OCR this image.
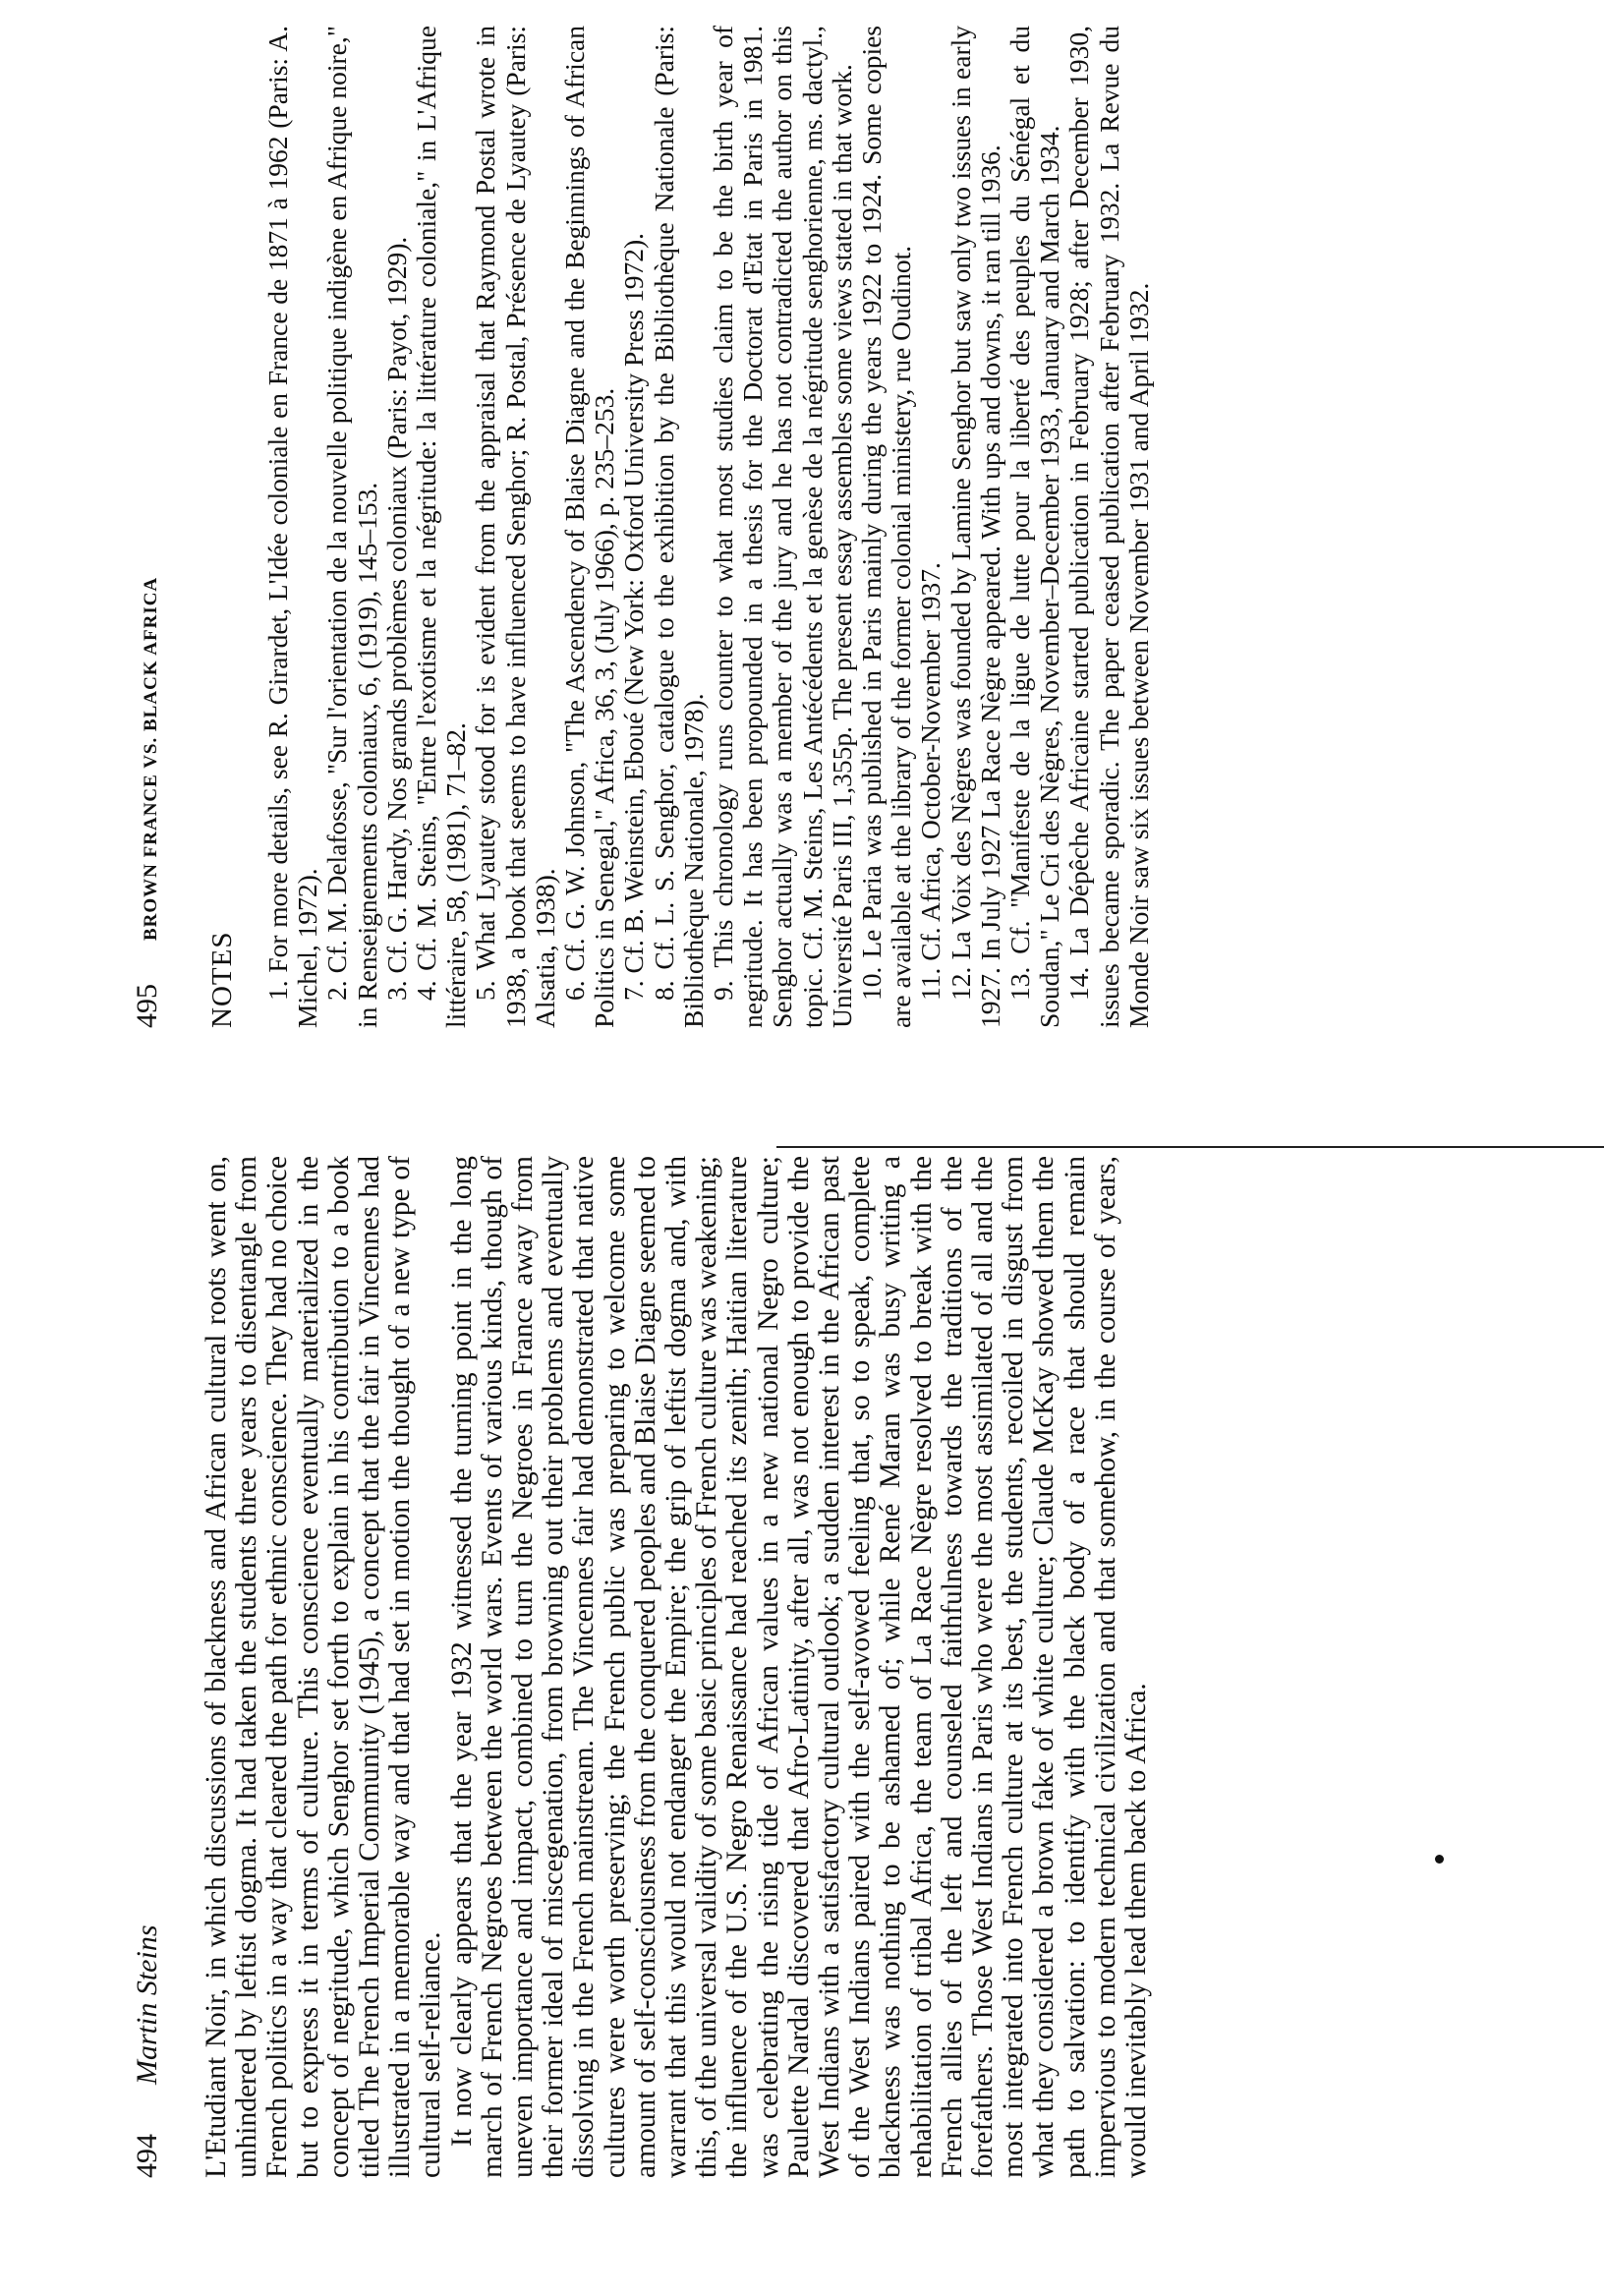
494 Martin Steins L'Etudiant Noir, in which discussions of blackness and African cultural roots went on, unhindered by leftist dogma. It had taken the students three years to disentangle from French politics in a way that cleared the path for ethnic conscience. They had no choice but to express it in terms of culture. This conscience eventually materialized in the concept of negritude, which Senghor set forth to explain in his contribution to a book titled The French Imperial Community (1945), a concept that the fair in Vincennes had illustrated in a memorable way and that had set in motion the thought of a new type of cultural self-reliance. It now clearly appears that the year 1932 witnessed the turning point in the long march of French Negroes between the world wars. Events of various kinds, though of uneven importance and impact, combined to turn the Negroes in France away from their former ideal of miscegenation, from browning out their problems and eventually dissolving in the French mainstream. The Vincennes fair had demonstrated that native cultures were worth preserving; the French public was preparing to welcome some amount of self-consciousness from the conquered peoples and Blaise Diagne seemed to warrant that this would not endanger the Empire; the grip of leftist dogma and, with this, of the universal validity of some basic principles of French culture was weakening; the influence of the U.S. Negro Renaissance had reached its zenith; Haitian literature was celebrating the rising tide of African values in a new national Negro culture; Paulette Nardal discovered that Afro-Latinity, after all, was not enough to provide the West Indians with a satisfactory cultural outlook; a sudden interest in the African past of the West Indians paired with the self-avowed feeling that, so to speak, complete blackness was nothing to be ashamed of; while René Maran was busy writing a rehabilitation of tribal Africa, the team of La Race Nègre resolved to break with the French allies of the left and counseled faithfulness towards the traditions of the forefathers. Those West Indians in Paris who were the most assimilated of all and the most integrated into French culture at its best, the students, recoiled in disgust from what they considered a brown fake of white culture; Claude McKay showed them the path to salvation: to identify with the black body of a race that should remain impervious to modern technical civilization and that somehow, in the course of years, would inevitably lead them back to Africa.

495 BROWN FRANCE VS. BLACK AFRICA
NOTES 1. For more details, see R. Girardet, L'Idée coloniale en France de 1871 à 1962 (Paris: A. Michel, 1972). 2. Cf. M. Delafosse, "Sur l'orientation de la nouvelle politique indigène en Afrique noire," in Renseignements coloniaux, 6, (1919), 145–153. 3. Cf. G. Hardy, Nos grands problèmes coloniaux (Paris: Payot, 1929). 4. Cf. M. Steins, "Entre l'exotisme et la négritude: la littérature coloniale," in L'Afrique littéraire, 58, (1981), 71–82. 5. What Lyautey stood for is evident from the appraisal that Raymond Postal wrote in 1938, a book that seems to have influenced Senghor; R. Postal, Présence de Lyautey (Paris: Alsatia, 1938). 6. Cf. G. W. Johnson, "The Ascendency of Blaise Diagne and the Beginnings of African Politics in Senegal," Africa, 36, 3, (July 1966), p. 235–253. 7. Cf. B. Weinstein, Eboué (New York: Oxford University Press 1972). 8. Cf. L. S. Senghor, catalogue to the exhibition by the Bibliothèque Nationale (Paris: Bibliothèque Nationale, 1978). 9. This chronology runs counter to what most studies claim to be the birth year of negritude. It has been propounded in a thesis for the Doctorat d'Etat in Paris in 1981. Senghor actually was a member of the jury and he has not contradicted the author on this topic. Cf. M. Steins, Les Antécédents et la genèse de la négritude senghorienne, ms. dactyl., Université Paris III, 1,355p. The present essay assembles some views stated in that work. 10. Le Paria was published in Paris mainly during the years 1922 to 1924. Some copies are available at the library of the former colonial ministery, rue Oudinot. 11. Cf. Africa, October-November 1937. 12. La Voix des Nègres was founded by Lamine Senghor but saw only two issues in early 1927. In July 1927 La Race Nègre appeared. With ups and downs, it ran till 1936. 13. Cf. "Manifeste de la ligue de lutte pour la liberté des peuples du Sénégal et du Soudan," Le Cri des Nègres, November–December 1933, January and March 1934. 14. La Dépêche Africaine started publication in February 1928; after December 1930, issues became sporadic. The paper ceased publication after February 1932. La Revue du Monde Noir saw six issues between November 1931 and April 1932.
